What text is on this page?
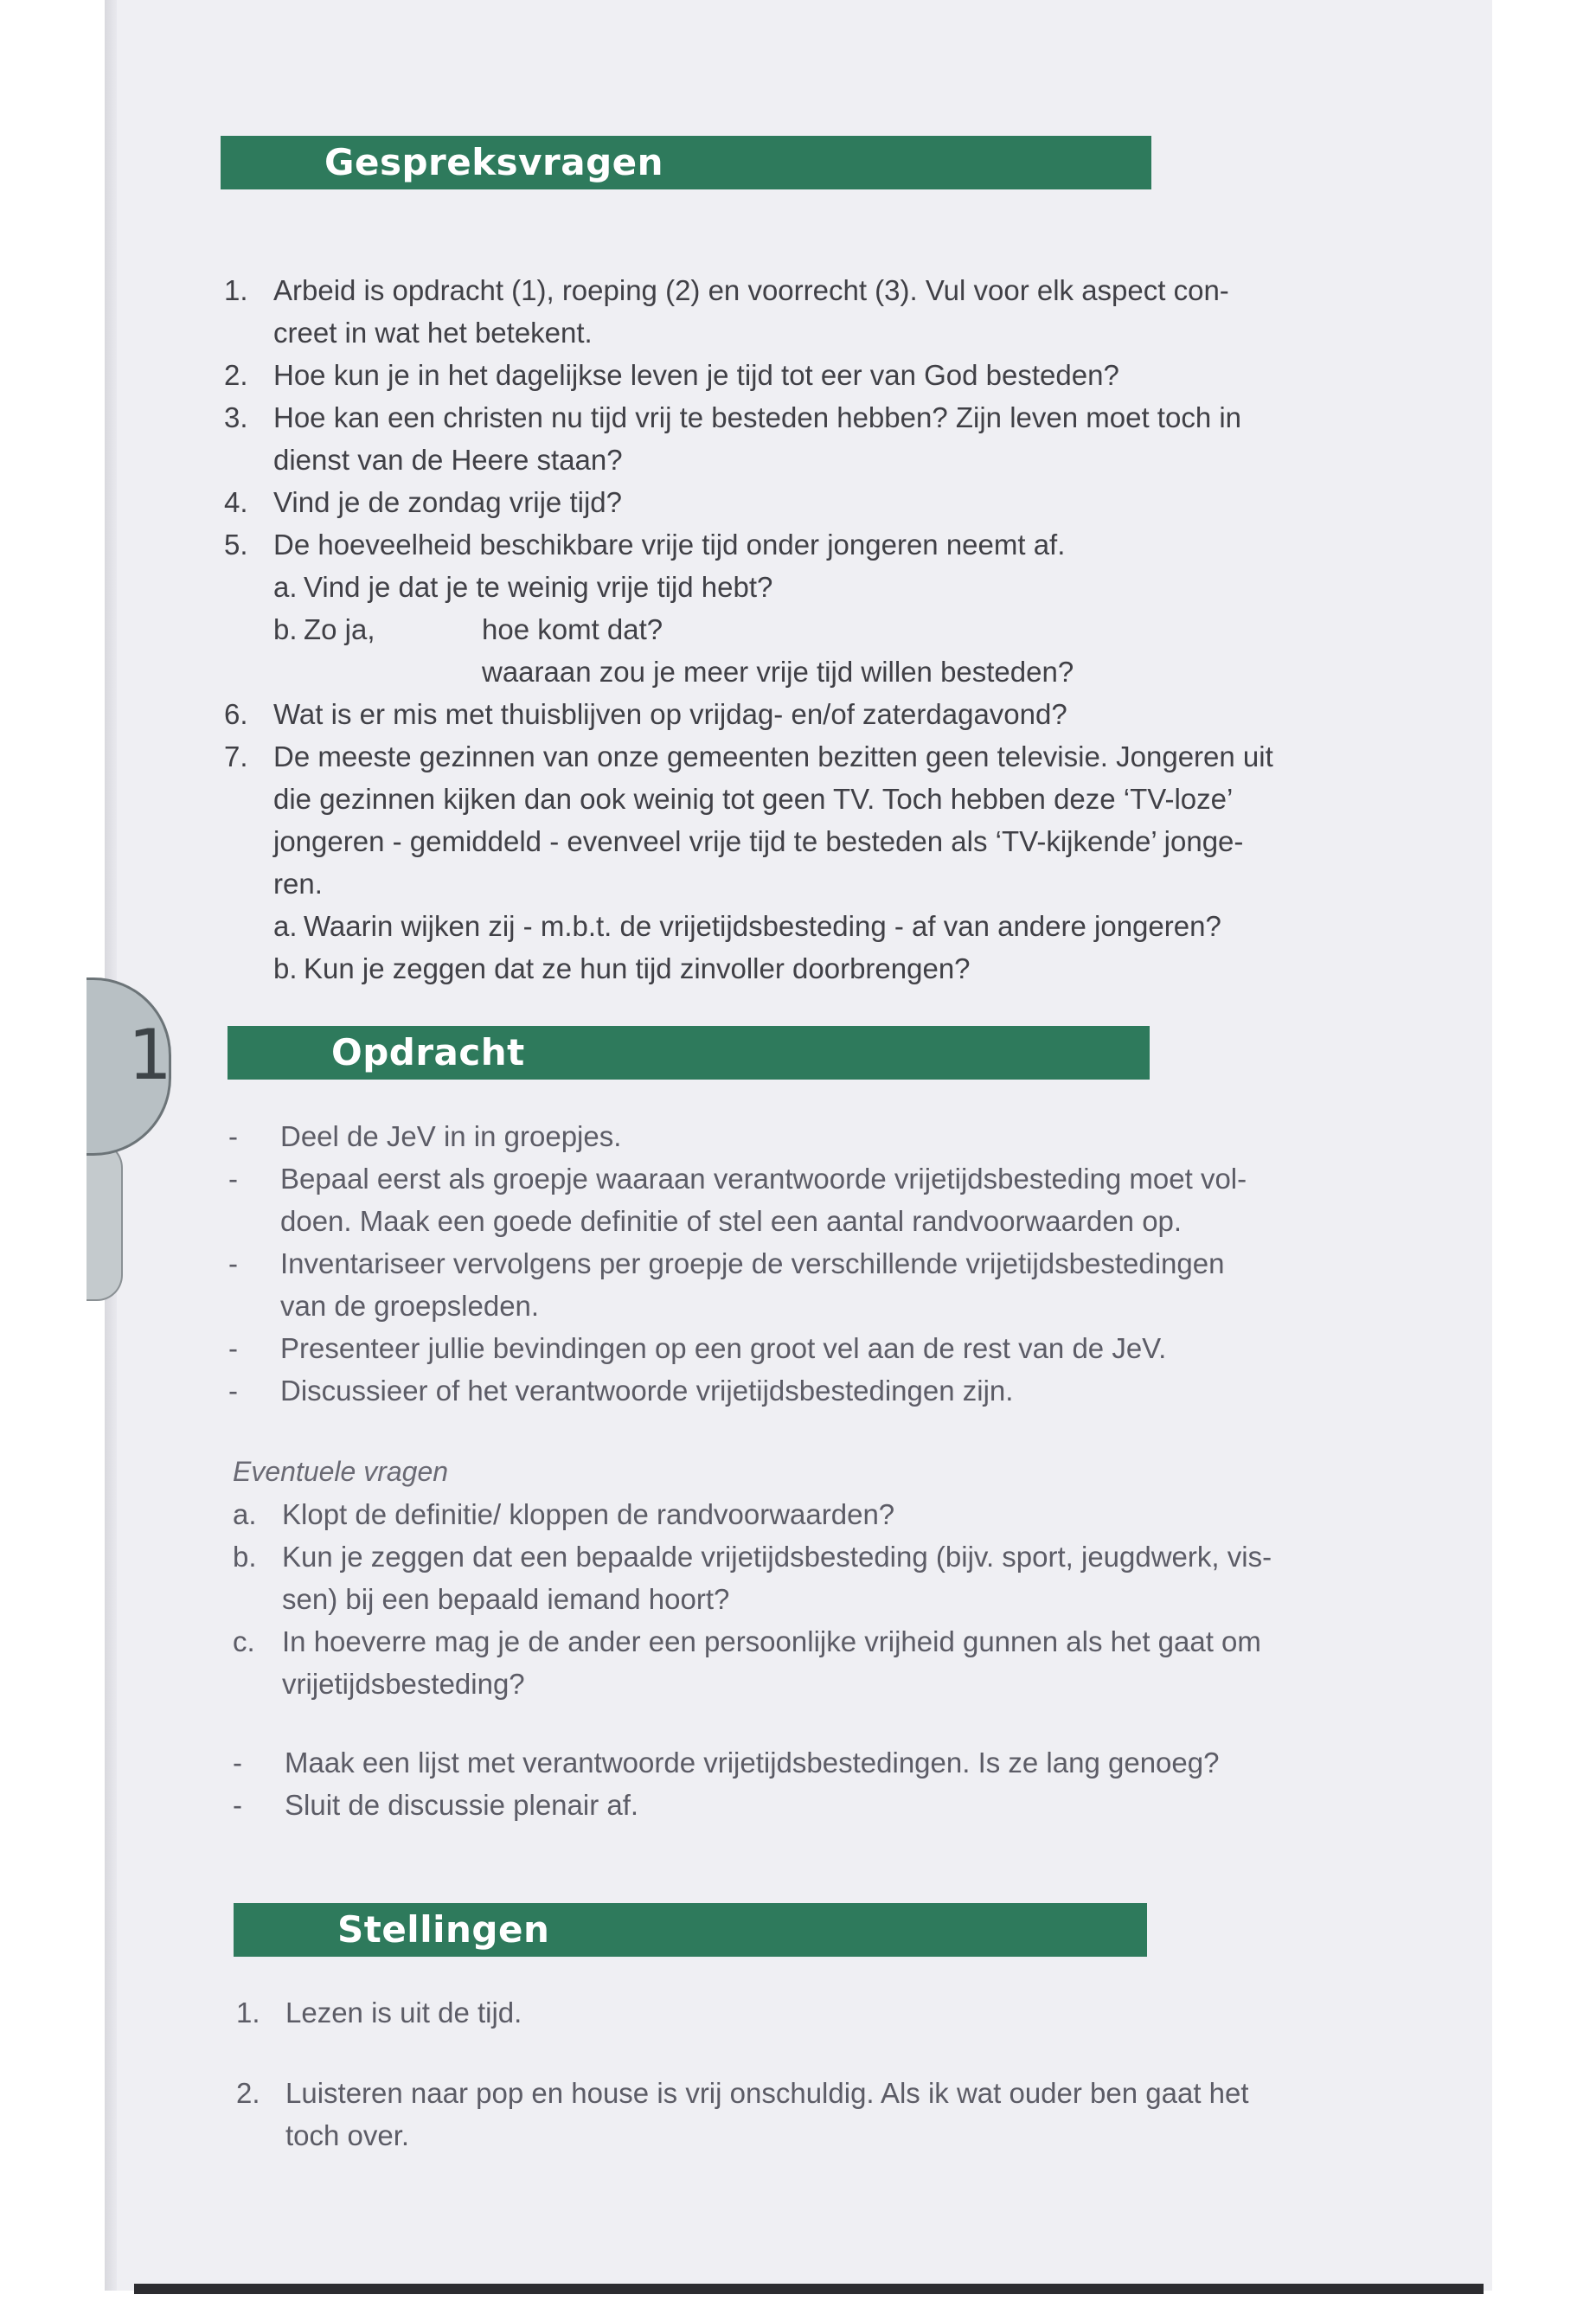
Gespreksvragen
1. Arbeid is opdracht (1), roeping (2) en voorrecht (3). Vul voor elk aspect con-
creet in wat het betekent.
2. Hoe kun je in het dagelijkse leven je tijd tot eer van God besteden?
3. Hoe kan een christen nu tijd vrij te besteden hebben? Zijn leven moet toch in
dienst van de Heere staan?
4. Vind je de zondag vrije tijd?
5. De hoeveelheid beschikbare vrije tijd onder jongeren neemt af.
a. Vind je dat je te weinig vrije tijd hebt?
b. Zo ja,	hoe komt dat?
waaraan zou je meer vrije tijd willen besteden?
6. Wat is er mis met thuisblijven op vrijdag- en/of zaterdagavond?
7. De meeste gezinnen van onze gemeenten bezitten geen televisie. Jongeren uit
die gezinnen kijken dan ook weinig tot geen TV. Toch hebben deze ‘TV-loze’
jongeren - gemiddeld - evenveel vrije tijd te besteden als ‘TV-kijkende’ jonge-
ren.
a. Waarin wijken zij - m.b.t. de vrijetijdsbesteding - af van andere jongeren?
b. Kun je zeggen dat ze hun tijd zinvoller doorbrengen?
Opdracht
-	Deel de JeV in in groepjes.
-	Bepaal eerst als groepje waaraan verantwoorde vrijetijdsbesteding moet vol-
doen. Maak een goede definitie of stel een aantal randvoorwaarden op.
-	Inventariseer vervolgens per groepje de verschillende vrijetijdsbestedingen
van de groepsleden.
-	Presenteer jullie bevindingen op een groot vel aan de rest van de JeV.
-	Discussieer of het verantwoorde vrijetijdsbestedingen zijn.
Eventuele vragen
a. Klopt de definitie/ kloppen de randvoorwaarden?
b. Kun je zeggen dat een bepaalde vrijetijdsbesteding (bijv. sport, jeugdwerk, vis-
sen) bij een bepaald iemand hoort?
c. In hoeverre mag je de ander een persoonlijke vrijheid gunnen als het gaat om
vrijetijdsbesteding?
-	Maak een lijst met verantwoorde vrijetijdsbestedingen. Is ze lang genoeg?
-	Sluit de discussie plenair af.
Stellingen
1. Lezen is uit de tijd.
2. Luisteren naar pop en house is vrij onschuldig. Als ik wat ouder ben gaat het
toch over.
1
